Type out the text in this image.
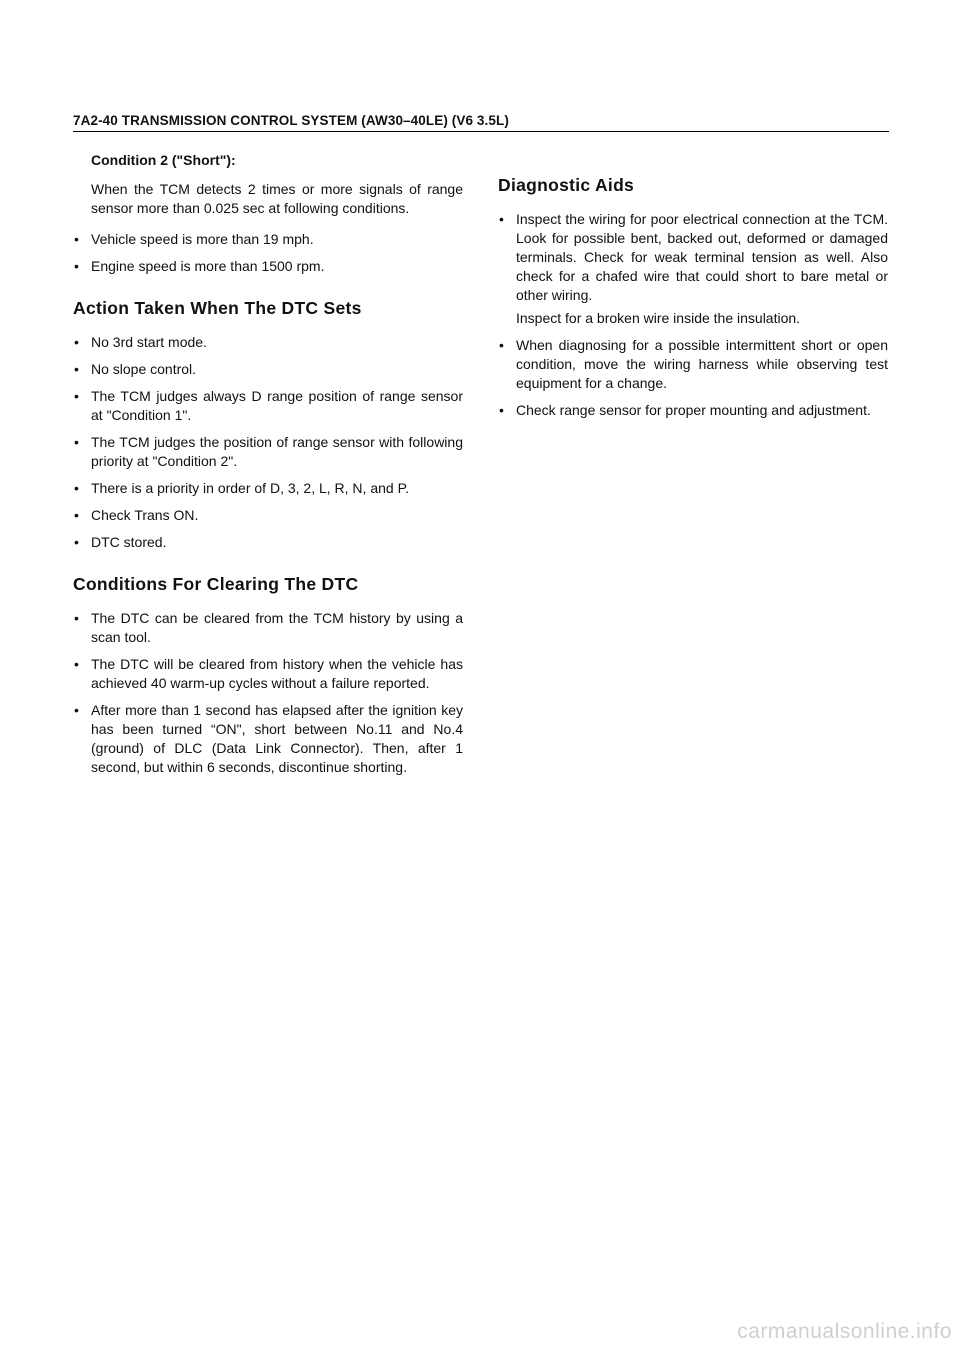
7A2-40 TRANSMISSION CONTROL SYSTEM (AW30–40LE) (V6 3.5L)
Condition 2 ("Short"):
When the TCM detects 2 times or more signals of range sensor more than 0.025 sec at following conditions.
• Vehicle speed is more than 19 mph.
• Engine speed is more than 1500 rpm.
Action Taken When The DTC Sets
• No 3rd start mode.
• No slope control.
• The TCM judges always D range position of range sensor at "Condition 1".
• The TCM judges the position of range sensor with following priority at "Condition 2".
• There is a priority in order of D, 3, 2, L, R, N, and P.
• Check Trans ON.
• DTC stored.
Conditions For Clearing The DTC
• The DTC can be cleared from the TCM history by using a scan tool.
• The DTC will be cleared from history when the vehicle has achieved 40 warm-up cycles without a failure reported.
• After more than 1 second has elapsed after the ignition key has been turned “ON", short between No.11 and No.4 (ground) of DLC (Data Link Connector). Then, after 1 second, but within 6 seconds, discontinue shorting.
Diagnostic Aids
• Inspect the wiring for poor electrical connection at the TCM. Look for possible bent, backed out, deformed or damaged terminals. Check for weak terminal tension as well. Also check for a chafed wire that could short to bare metal or other wiring.
Inspect for a broken wire inside the insulation.
• When diagnosing for a possible intermittent short or open condition, move the wiring harness while observing test equipment for a change.
• Check range sensor for proper mounting and adjustment.
carmanualsonline.info
